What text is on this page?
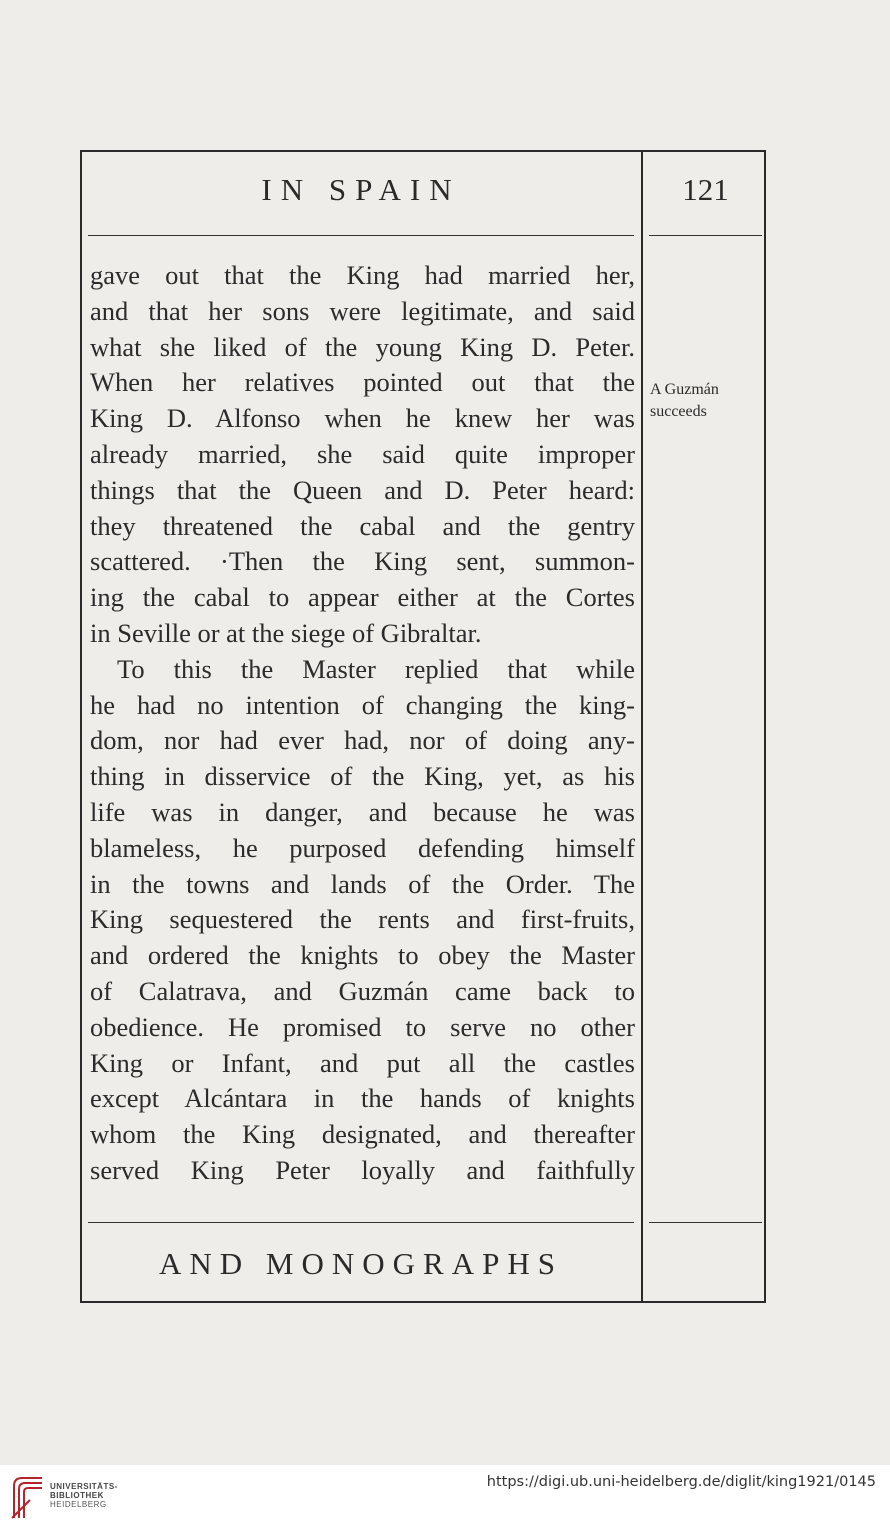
IN SPAIN	121
gave out that the King had married her,
and that her sons were legitimate, and said
what she liked of the young King D. Peter.
When her relatives pointed out that the
King D. Alfonso when he knew her was
already married, she said quite improper
things that the Queen and D. Peter heard:
they threatened the cabal and the gentry
scattered. ·Then the King sent, summon-
ing the cabal to appear either at the Cortes
in Seville or at the siege of Gibraltar.
To this the Master replied that while
he had no intention of changing the king-
dom, nor had ever had, nor of doing any-
thing in disservice of the King, yet, as his
life was in danger, and because he was
blameless, he purposed defending himself
in the towns and lands of the Order. The
King sequestered the rents and first-fruits,
and ordered the knights to obey the Master
of Calatrava, and Guzmán came back to
obedience. He promised to serve no other
King or Infant, and put all the castles
except Alcántara in the hands of knights
whom the King designated, and thereafter
served King Peter loyally and faithfully
A Guzmán
succeeds
AND MONOGRAPHS
UNIVERSITÄTS-
BIBLIOTHEK
HEIDELBERG
https://digi.ub.uni-heidelberg.de/diglit/king1921/0145
